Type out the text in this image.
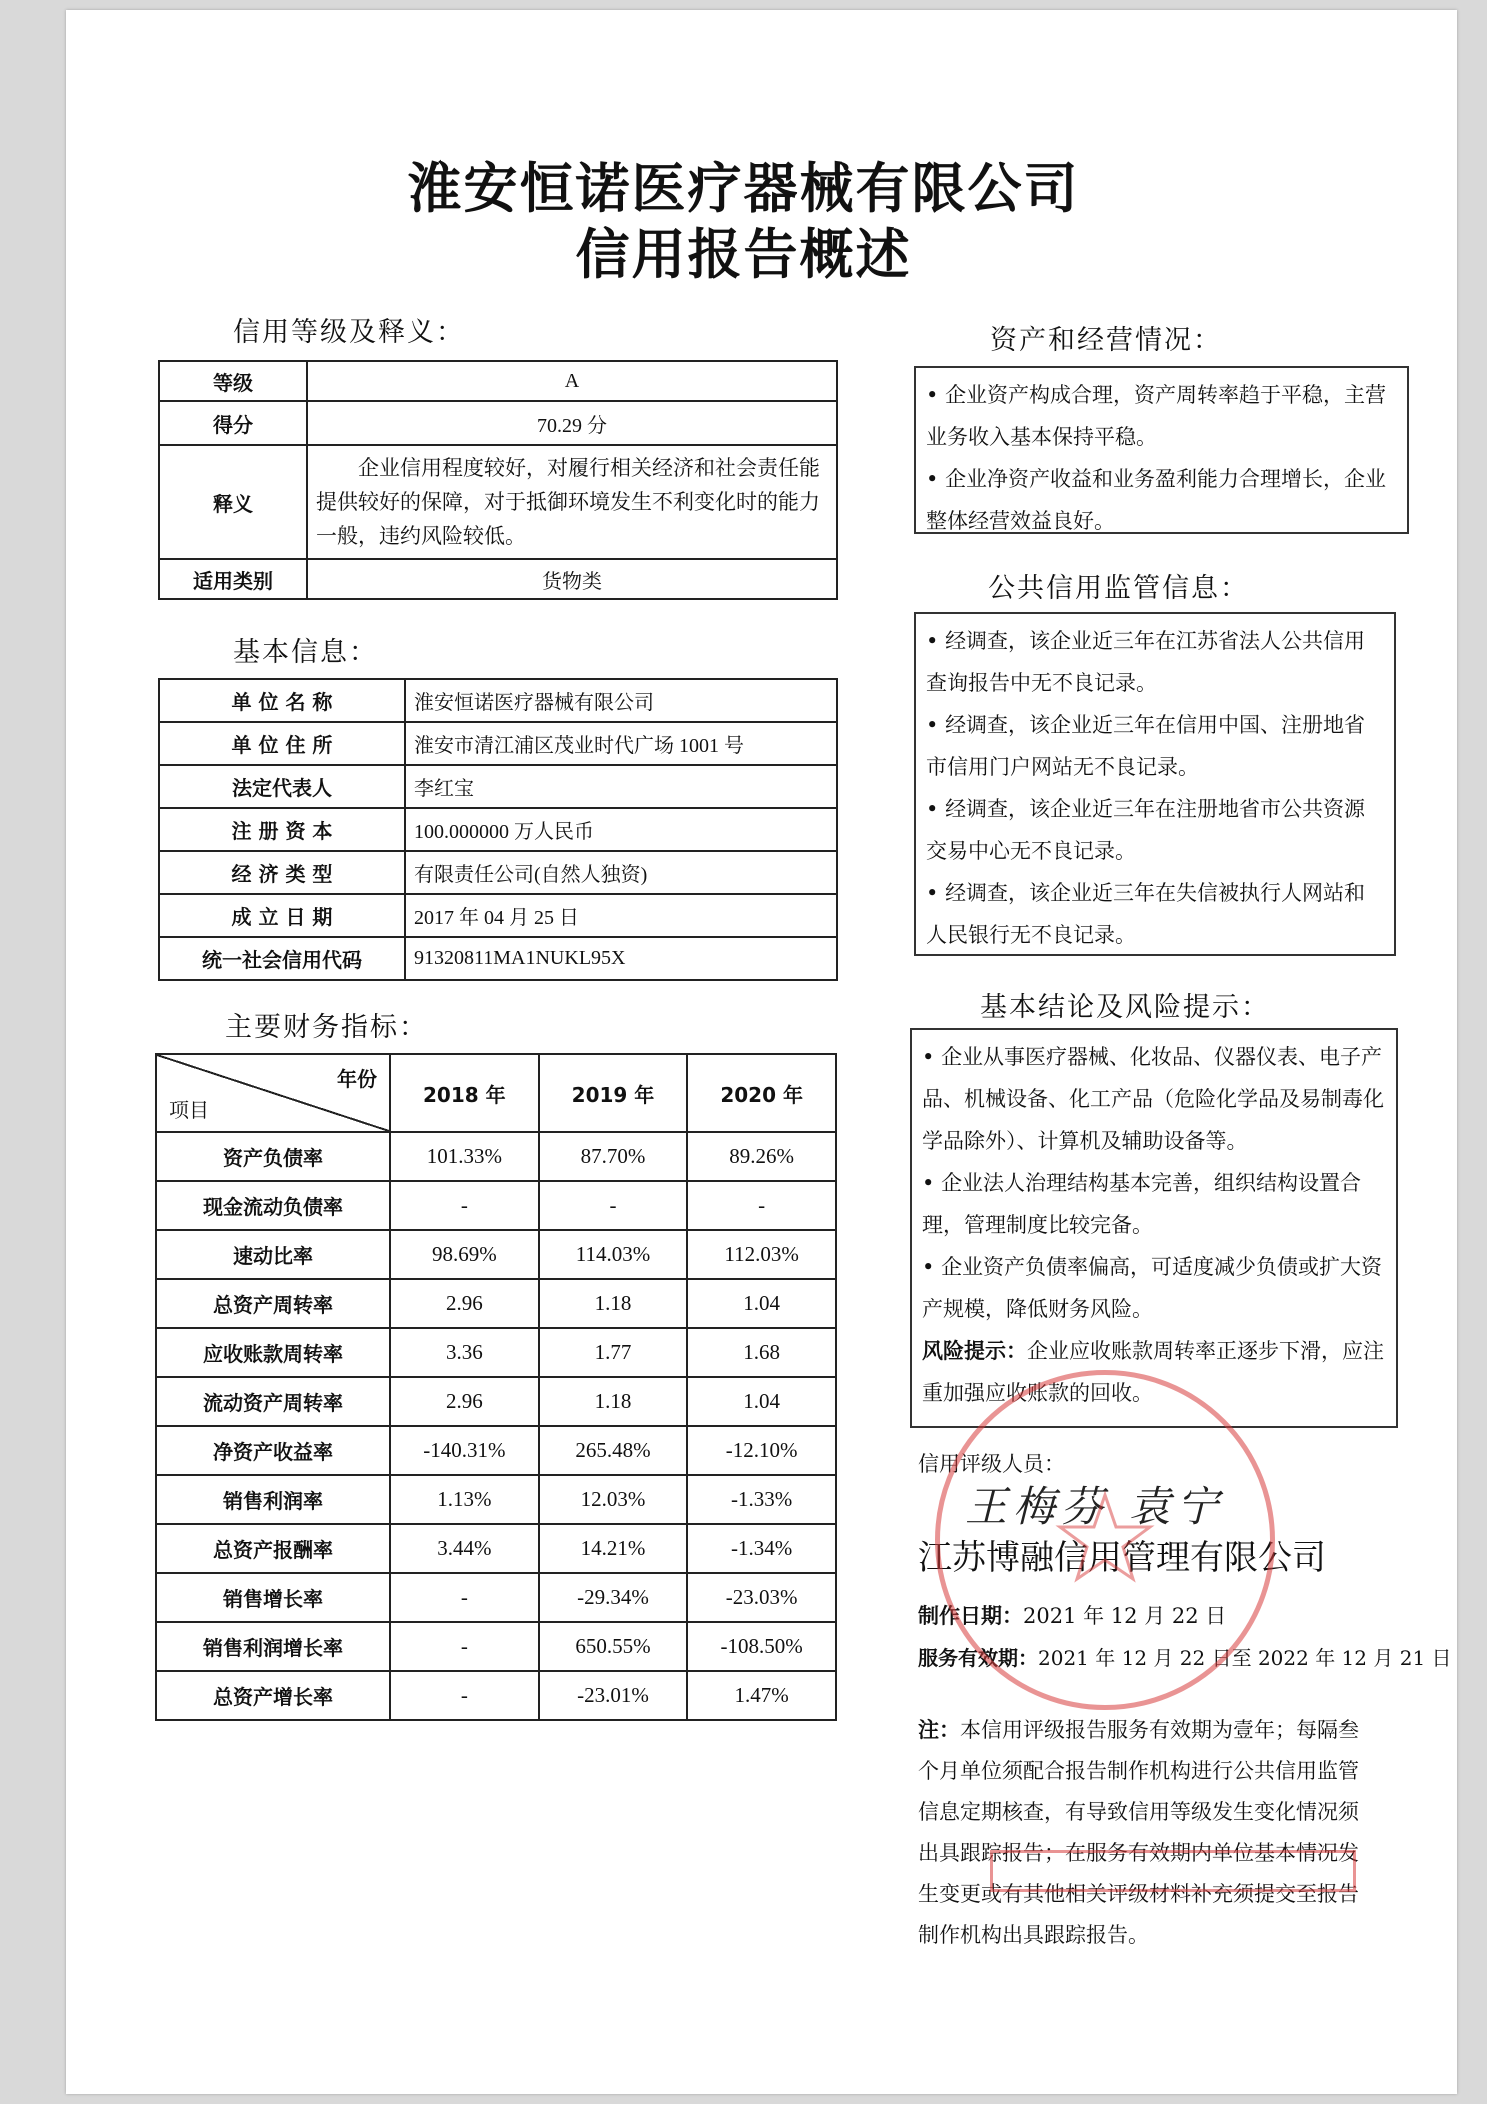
淮安恒诺医疗器械有限公司
信用报告概述
信用等级及释义：
等级	A
得分	70.29 分
释义	企业信用程度较好，对履行相关经济和社会责任能提供较好的保障，对于抵御环境发生不利变化时的能力一般，违约风险较低。
适用类别	货物类
基本信息：
单 位 名 称	淮安恒诺医疗器械有限公司
单 位 住 所	淮安市清江浦区茂业时代广场 1001 号
法定代表人	李红宝
注 册 资 本	100.000000 万人民币
经 济 类 型	有限责任公司(自然人独资)
成 立 日 期	2017 年 04 月 25 日
统一社会信用代码	91320811MA1NUKL95X
主要财务指标：
年份
项目	2018 年	2019 年	2020 年
资产负债率	101.33%	87.70%	89.26%
现金流动负债率	-	-	-
速动比率	98.69%	114.03%	112.03%
总资产周转率	2.96	1.18	1.04
应收账款周转率	3.36	1.77	1.68
流动资产周转率	2.96	1.18	1.04
净资产收益率	-140.31%	265.48%	-12.10%
销售利润率	1.13%	12.03%	-1.33%
总资产报酬率	3.44%	14.21%	-1.34%
销售增长率	-	-29.34%	-23.03%
销售利润增长率	-	650.55%	-108.50%
总资产增长率	-	-23.01%	1.47%
资产和经营情况：

• 企业资产构成合理，资产周转率趋于平稳，主营业务收入基本保持平稳。

• 企业净资产收益和业务盈利能力合理增长，企业整体经营效益良好。

公共信用监管信息：

• 经调查，该企业近三年在江苏省法人公共信用查询报告中无不良记录。

• 经调查，该企业近三年在信用中国、注册地省市信用门户网站无不良记录。

• 经调查，该企业近三年在注册地省市公共资源交易中心无不良记录。

• 经调查，该企业近三年在失信被执行人网站和人民银行无不良记录。

基本结论及风险提示：

• 企业从事医疗器械、化妆品、仪器仪表、电子产品、机械设备、化工产品（危险化学品及易制毒化学品除外）、计算机及辅助设备等。

• 企业法人治理结构基本完善，组织结构设置合理，管理制度比较完备。

• 企业资产负债率偏高，可适度减少负债或扩大资产规模，降低财务风险。

风险提示：企业应收账款周转率正逐步下滑，应注重加强应收账款的回收。

信用评级人员：
王梅芬 袁宁
江苏博融信用管理有限公司
制作日期：2021 年 12 月 22 日
服务有效期：2021 年 12 月 22 日至 2022 年 12 月 21 日
注：本信用评级报告服务有效期为壹年；每隔叁个月单位须配合报告制作机构进行公共信用监管信息定期核查，有导致信用等级发生变化情况须出具跟踪报告；在服务有效期内单位基本情况发生变更或有其他相关评级材料补充须提交至报告制作机构出具跟踪报告。
